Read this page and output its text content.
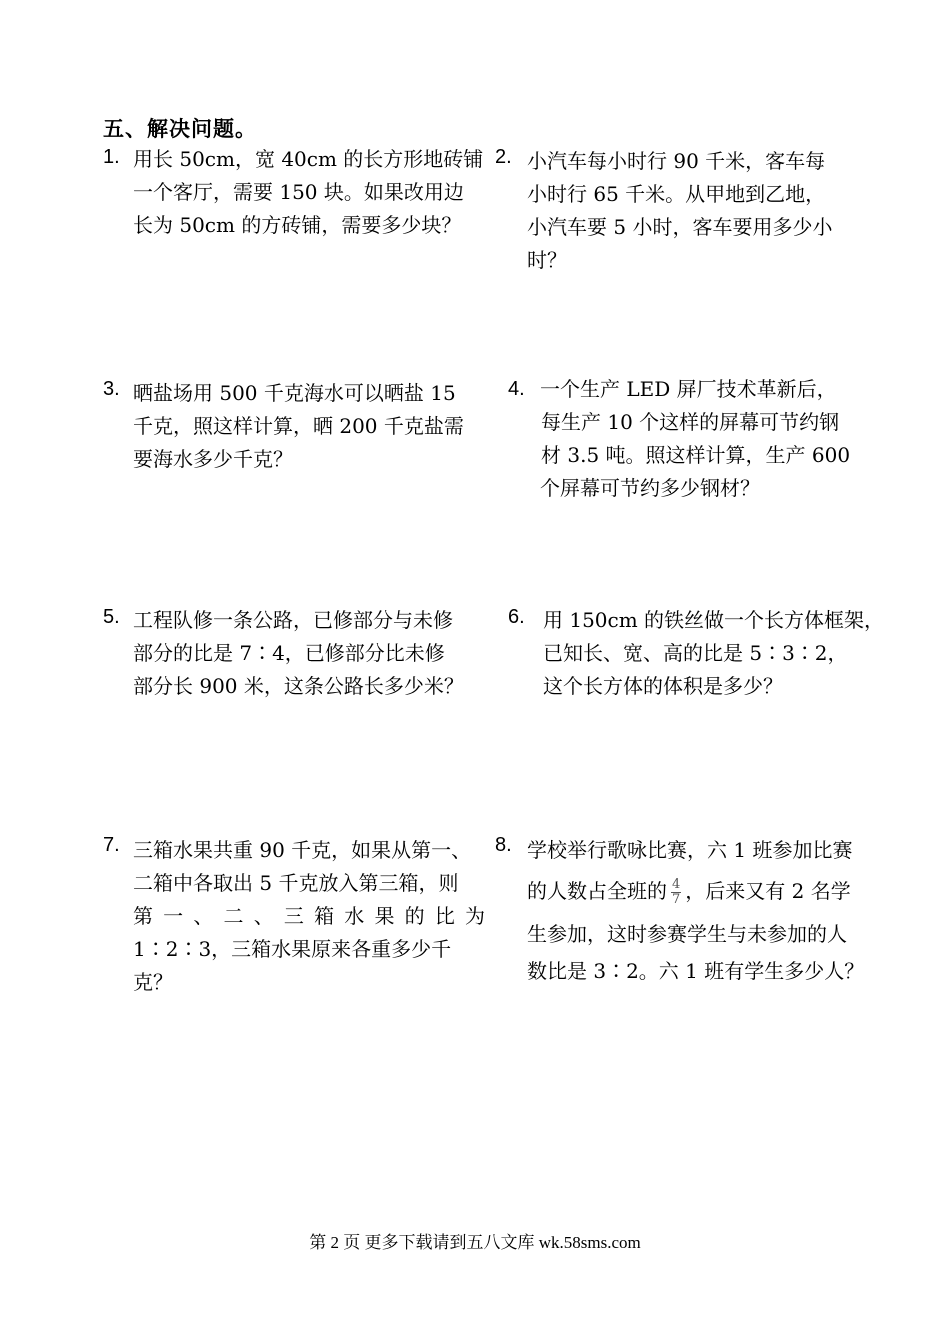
五、解决问题。
1. 用长 50cm，宽 40cm 的长方形地砖铺
一个客厅，需要 150 块。如果改用边
长为 50cm 的方砖铺，需要多少块？
2. 小汽车每小时行 90 千米，客车每
小时行 65 千米。从甲地到乙地，
小汽车要 5 小时，客车要用多少小
时？
3. 晒盐场用 500 千克海水可以晒盐 15
千克，照这样计算，晒 200 千克盐需
要海水多少千克？
4. 一个生产 LED 屏厂技术革新后，
每生产 10 个这样的屏幕可节约钢
材 3.5 吨。照这样计算，生产 600
个屏幕可节约多少钢材？
5. 工程队修一条公路，已修部分与未修
部分的比是 7∶4，已修部分比未修
部分长 900 米，这条公路长多少米？
6. 用 150cm 的铁丝做一个长方体框架，
已知长、宽、高的比是 5∶3∶2，
这个长方体的体积是多少？
7. 三箱水果共重 90 千克，如果从第一、
二箱中各取出 5 千克放入第三箱，则
第一、二、三箱水果的比为
1∶2∶3，三箱水果原来各重多少千
克？
8. 学校举行歌咏比赛，六 1 班参加比赛
的人数占全班的 $\frac{4}{7}$ ，后来又有 2 名学
生参加，这时参赛学生与未参加的人
数比是 3∶2。六 1 班有学生多少人？
第 2 页 更多下载请到五八文库 wk.58sms.com
